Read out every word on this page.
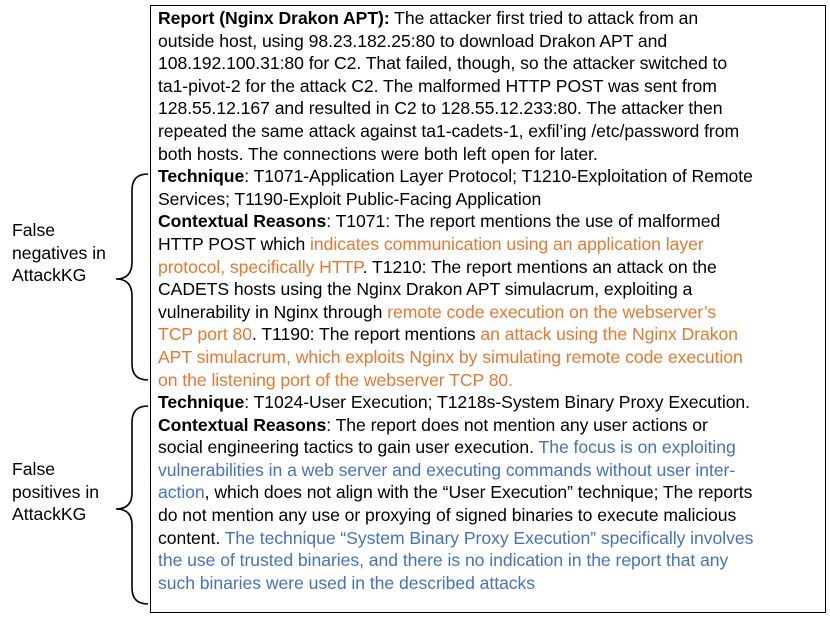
False
negatives in
AttackKG
False
positives in
AttackKG
Report (Nginx Drakon APT): The attacker first tried to attack from an
outside host, using 98.23.182.25:80 to download Drakon APT and
108.192.100.31:80 for C2. That failed, though, so the attacker switched to
ta1-pivot-2 for the attack C2. The malformed HTTP POST was sent from
128.55.12.167 and resulted in C2 to 128.55.12.233:80. The attacker then
repeated the same attack against ta1-cadets-1, exfil’ing /etc/password from
both hosts. The connections were both left open for later.
Technique: T1071-Application Layer Protocol; T1210-Exploitation of Remote
Services; T1190-Exploit Public-Facing Application
Contextual Reasons: T1071: The report mentions the use of malformed
HTTP POST which indicates communication using an application layer
protocol, specifically HTTP. T1210: The report mentions an attack on the
CADETS hosts using the Nginx Drakon APT simulacrum, exploiting a
vulnerability in Nginx through remote code execution on the webserver’s
TCP port 80. T1190: The report mentions an attack using the Nginx Drakon
APT simulacrum, which exploits Nginx by simulating remote code execution
on the listening port of the webserver TCP 80.
Technique: T1024-User Execution; T1218s-System Binary Proxy Execution.
Contextual Reasons: The report does not mention any user actions or
social engineering tactics to gain user execution. The focus is on exploiting
vulnerabilities in a web server and executing commands without user inter-
action, which does not align with the “User Execution” technique; The reports
do not mention any use or proxying of signed binaries to execute malicious
content. The technique “System Binary Proxy Execution” specifically involves
the use of trusted binaries, and there is no indication in the report that any
such binaries were used in the described attacks
